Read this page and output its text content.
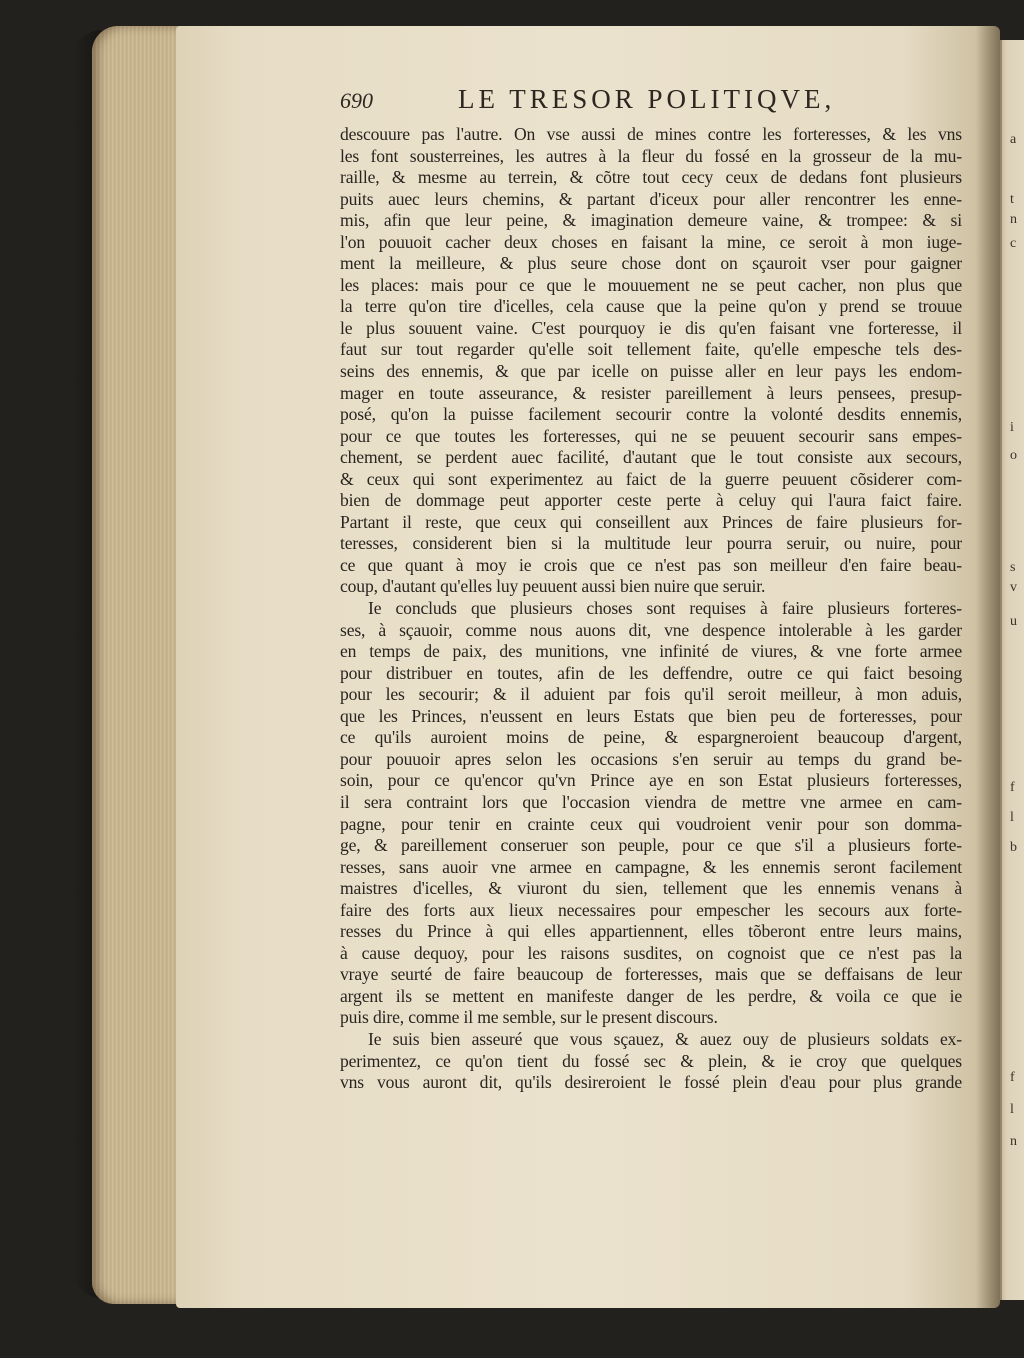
a
t
n
c
i
o
s
v
u
f
l
b
f
l
n
690	LE TRESOR POLITIQVE,
descouure pas l'autre. On vse aussi de mines contre les forteresses, & les vns
les font sousterreines, les autres à la fleur du fossé en la grosseur de la mu-
raille, & mesme au terrein, & cõtre tout cecy ceux de dedans font plusieurs
puits auec leurs chemins, & partant d'iceux pour aller rencontrer les enne-
mis, afin que leur peine, & imagination demeure vaine, & trompee: & si
l'on pouuoit cacher deux choses en faisant la mine, ce seroit à mon iuge-
ment la meilleure, & plus seure chose dont on sçauroit vser pour gaigner
les places: mais pour ce que le mouuement ne se peut cacher, non plus que
la terre qu'on tire d'icelles, cela cause que la peine qu'on y prend se trouue
le plus souuent vaine. C'est pourquoy ie dis qu'en faisant vne forteresse, il
faut sur tout regarder qu'elle soit tellement faite, qu'elle empesche tels des-
seins des ennemis, & que par icelle on puisse aller en leur pays les endom-
mager en toute asseurance, & resister pareillement à leurs pensees, presup-
posé, qu'on la puisse facilement secourir contre la volonté desdits ennemis,
pour ce que toutes les forteresses, qui ne se peuuent secourir sans empes-
chement, se perdent auec facilité, d'autant que le tout consiste aux secours,
& ceux qui sont experimentez au faict de la guerre peuuent cõsiderer com-
bien de dommage peut apporter ceste perte à celuy qui l'aura faict faire.
Partant il reste, que ceux qui conseillent aux Princes de faire plusieurs for-
teresses, considerent bien si la multitude leur pourra seruir, ou nuire, pour
ce que quant à moy ie crois que ce n'est pas son meilleur d'en faire beau-
coup, d'autant qu'elles luy peuuent aussi bien nuire que seruir.
Ie concluds que plusieurs choses sont requises à faire plusieurs forteres-
ses, à sçauoir, comme nous auons dit, vne despence intolerable à les garder
en temps de paix, des munitions, vne infinité de viures, & vne forte armee
pour distribuer en toutes, afin de les deffendre, outre ce qui faict besoing
pour les secourir; & il aduient par fois qu'il seroit meilleur, à mon aduis,
que les Princes, n'eussent en leurs Estats que bien peu de forteresses, pour
ce qu'ils auroient moins de peine, & espargneroient beaucoup d'argent,
pour pouuoir apres selon les occasions s'en seruir au temps du grand be-
soin, pour ce qu'encor qu'vn Prince aye en son Estat plusieurs forteresses,
il sera contraint lors que l'occasion viendra de mettre vne armee en cam-
pagne, pour tenir en crainte ceux qui voudroient venir pour son domma-
ge, & pareillement conseruer son peuple, pour ce que s'il a plusieurs forte-
resses, sans auoir vne armee en campagne, & les ennemis seront facilement
maistres d'icelles, & viuront du sien, tellement que les ennemis venans à
faire des forts aux lieux necessaires pour empescher les secours aux forte-
resses du Prince à qui elles appartiennent, elles tõberont entre leurs mains,
à cause dequoy, pour les raisons susdites, on cognoist que ce n'est pas la
vraye seurté de faire beaucoup de forteresses, mais que se deffaisans de leur
argent ils se mettent en manifeste danger de les perdre, & voila ce que ie
puis dire, comme il me semble, sur le present discours.
Ie suis bien asseuré que vous sçauez, & auez ouy de plusieurs soldats ex-
perimentez, ce qu'on tient du fossé sec & plein, & ie croy que quelques
vns vous auront dit, qu'ils desireroient le fossé plein d'eau pour plus grande
